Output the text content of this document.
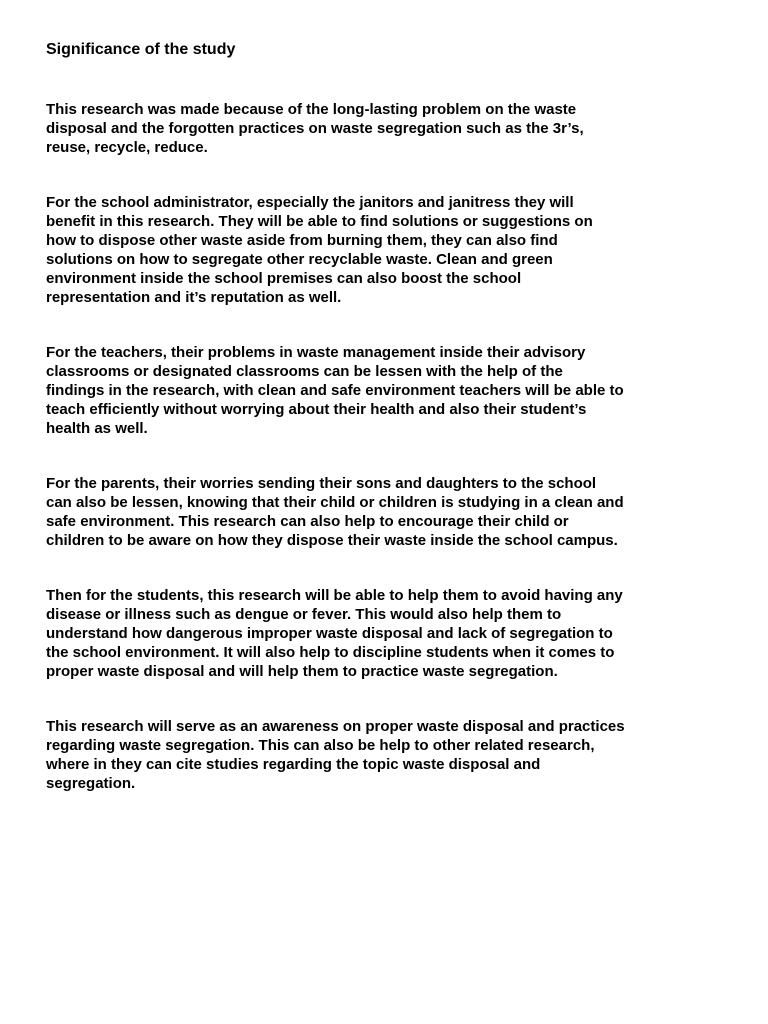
Significance of the study

This research was made because of the long-lasting problem on the waste
disposal and the forgotten practices on waste segregation such as the 3r’s,
reuse, recycle, reduce.

For the school administrator, especially the janitors and janitress they will
benefit in this research. They will be able to find solutions or suggestions on
how to dispose other waste aside from burning them, they can also find
solutions on how to segregate other recyclable waste. Clean and green
environment inside the school premises can also boost the school
representation and it’s reputation as well.

For the teachers, their problems in waste management inside their advisory
classrooms or designated classrooms can be lessen with the help of the
findings in the research, with clean and safe environment teachers will be able to
teach efficiently without worrying about their health and also their student’s
health as well.

For the parents, their worries sending their sons and daughters to the school
can also be lessen, knowing that their child or children is studying in a clean and
safe environment. This research can also help to encourage their child or
children to be aware on how they dispose their waste inside the school campus.

Then for the students, this research will be able to help them to avoid having any
disease or illness such as dengue or fever. This would also help them to
understand how dangerous improper waste disposal and lack of segregation to
the school environment. It will also help to discipline students when it comes to
proper waste disposal and will help them to practice waste segregation.

This research will serve as an awareness on proper waste disposal and practices
regarding waste segregation. This can also be help to other related research,
where in they can cite studies regarding the topic waste disposal and
segregation.
